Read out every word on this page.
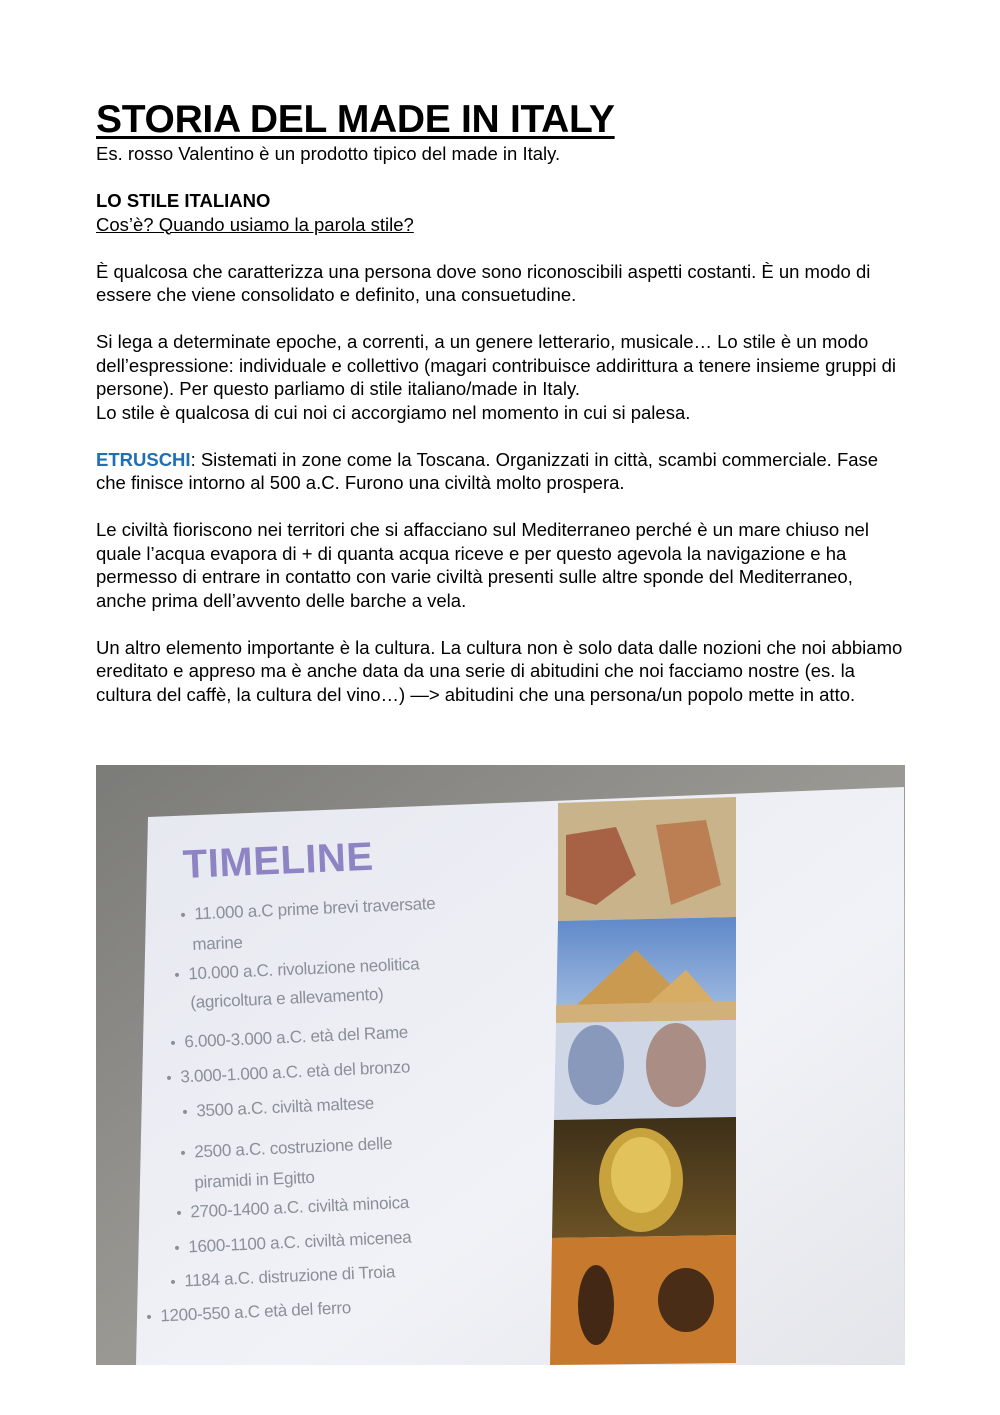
STORIA DEL MADE IN ITALY

Es. rosso Valentino è un prodotto tipico del made in Italy.

LO STILE ITALIANO

Cos’è? Quando usiamo la parola stile?

È qualcosa che caratterizza una persona dove sono riconoscibili aspetti costanti. È un modo di essere che viene consolidato e definito, una consuetudine.

Si lega a determinate epoche, a correnti, a un genere letterario, musicale… Lo stile è un modo dell’espressione: individuale e collettivo (magari contribuisce addirittura a tenere insieme gruppi di persone). Per questo parliamo di stile italiano/made in Italy.

Lo stile è qualcosa di cui noi ci accorgiamo nel momento in cui si palesa.

ETRUSCHI: Sistemati in zone come la Toscana. Organizzati in città, scambi commerciale. Fase che finisce intorno al 500 a.C. Furono una civiltà molto prospera.

Le civiltà fioriscono nei territori che si affacciano sul Mediterraneo perché è un mare chiuso nel quale l’acqua evapora di + di quanta acqua riceve e per questo agevola la navigazione e ha permesso di entrare in contatto con varie civiltà presenti sulle altre sponde del Mediterraneo, anche prima dell’avvento delle barche a vela.

Un altro elemento importante è la cultura. La cultura non è solo data dalle nozioni che noi abbiamo ereditato e appreso ma è anche data da una serie di abitudini che noi facciamo nostre (es. la cultura del caffè, la cultura del vino…) —> abitudini che una persona/un popolo mette in atto.

TIMELINE
• 11.000 a.C prime brevi traversate
marine
• 10.000 a.C. rivoluzione neolitica
(agricoltura e allevamento)
• 6.000-3.000 a.C. età del Rame
• 3.000-1.000 a.C. età del bronzo
• 3500 a.C. civiltà maltese
• 2500 a.C. costruzione delle
piramidi in Egitto
• 2700-1400 a.C. civiltà minoica
• 1600-1100 a.C. civiltà micenea
• 1184 a.C. distruzione di Troia
• 1200-550 a.C età del ferro
